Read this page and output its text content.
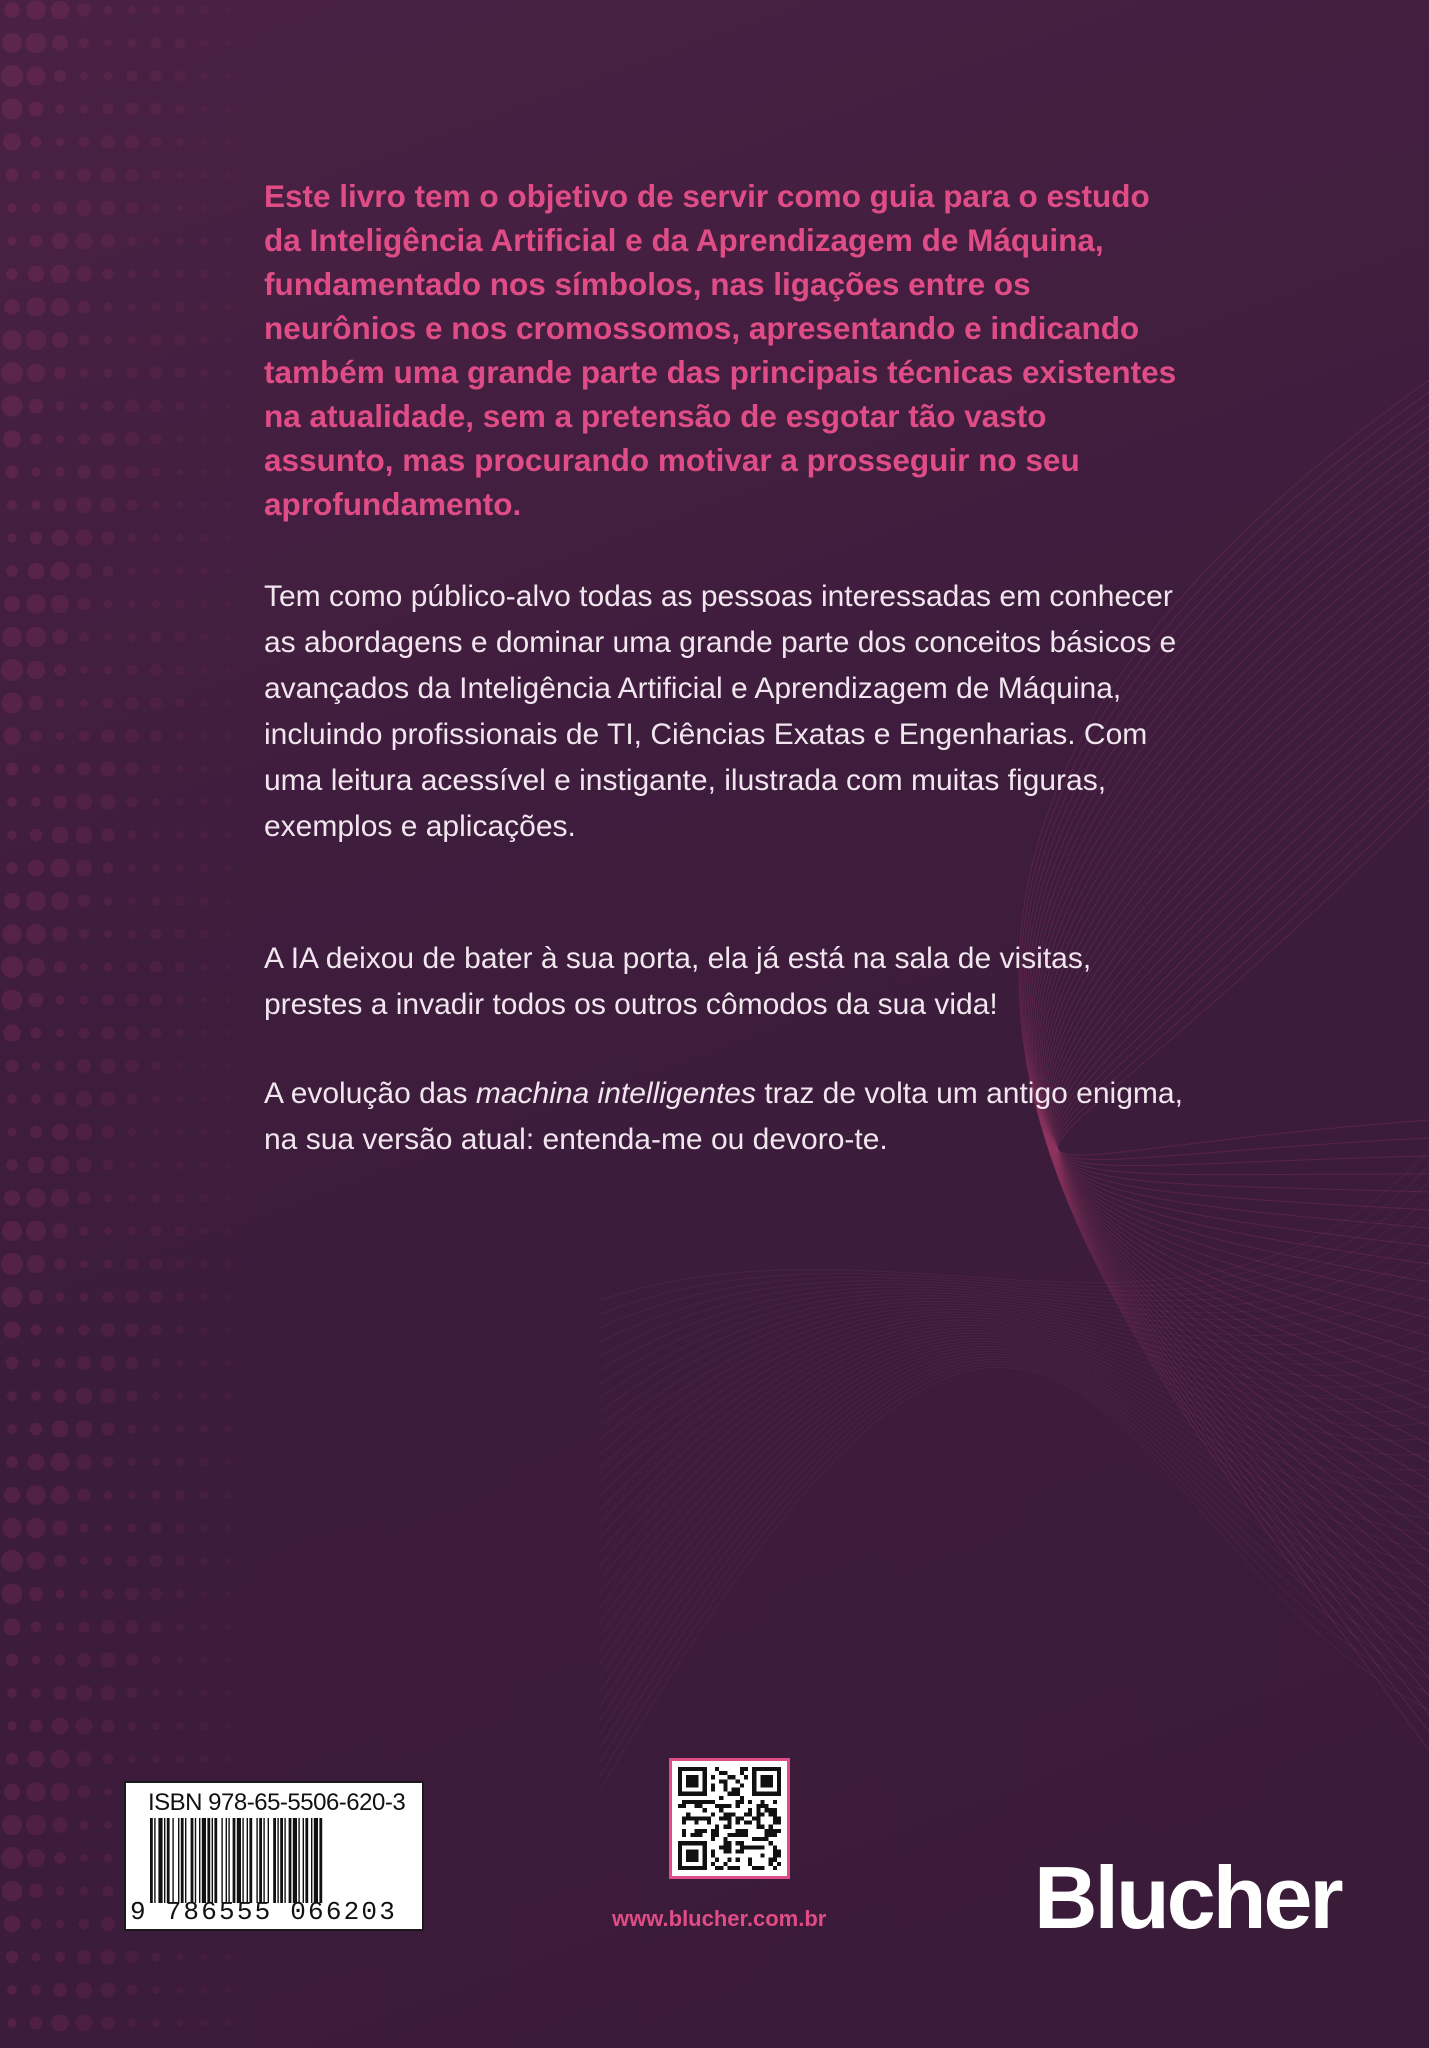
Este livro tem o objetivo de servir como guia para o estudo da Inteligência Artificial e da Aprendizagem de Máquina, fundamentado nos símbolos, nas ligações entre os neurônios e nos cromossomos, apresentando e indicando também uma grande parte das principais técnicas existentes na atualidade, sem a pretensão de esgotar tão vasto assunto, mas procurando motivar a prosseguir no seu aprofundamento.

Tem como público-alvo todas as pessoas interessadas em conhecer as abordagens e dominar uma grande parte dos conceitos básicos e avançados da Inteligência Artificial e Aprendizagem de Máquina, incluindo profissionais de TI, Ciências Exatas e Engenharias. Com uma leitura acessível e instigante, ilustrada com muitas figuras, exemplos e aplicações.

A IA deixou de bater à sua porta, ela já está na sala de visitas, prestes a invadir todos os outros cômodos da sua vida!

A evolução das machina intelligentes traz de volta um antigo enigma, na sua versão atual: entenda-me ou devoro-te.

ISBN 978-65-5506-620-3
9 786555 066203	www.blucher.com.br Blucher
